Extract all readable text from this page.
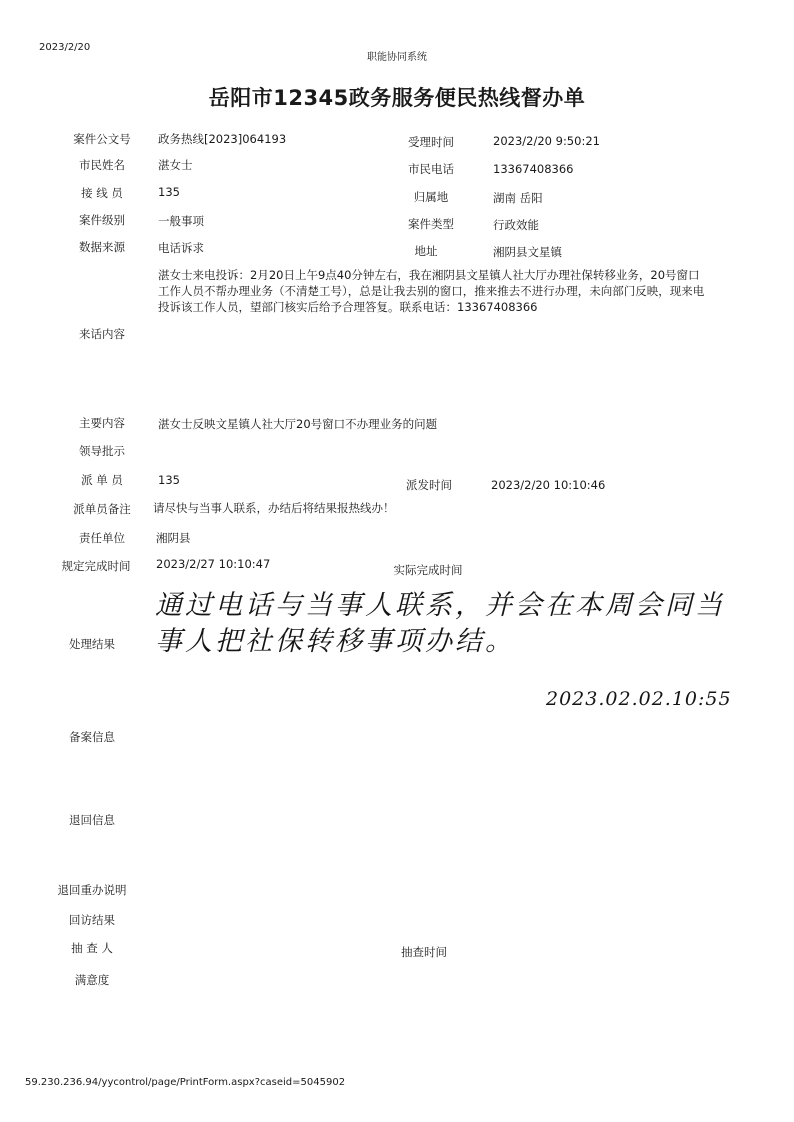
2023/2/20
职能协同系统
岳阳市12345政务服务便民热线督办单
案件公文号	政务热线[2023]064193	受理时间	2023/2/20 9:50:21
市民姓名	湛女士	市民电话	13367408366
接 线 员	135	归属地	湖南 岳阳
案件级别	一般事项	案件类型	行政效能
数据来源	电话诉求	地址	湘阴县文星镇
湛女士来电投诉：2月20日上午9点40分钟左右，我在湘阴县文星镇人社大厅办理社保转移业务，20号窗口工作人员不帮办理业务（不清楚工号），总是让我去别的窗口，推来推去不进行办理，未向部门反映，现来电投诉该工作人员，望部门核实后给予合理答复。联系电话：13367408366
来话内容
主要内容	湛女士反映文星镇人社大厅20号窗口不办理业务的问题
领导批示
派 单 员	135	派发时间	2023/2/20 10:10:46
派单员备注	请尽快与当事人联系，办结后将结果报热线办！
责任单位	湘阴县
规定完成时间	2023/2/27 10:10:47	实际完成时间
通过电话与当事人联系，并会在本周会同当事人把社保转移事项办结。
处理结果
2023.02.02.10:55
备案信息
退回信息
退回重办说明
回访结果
抽 查 人	抽查时间
满意度
59.230.236.94/yycontrol/page/PrintForm.aspx?caseid=5045902
